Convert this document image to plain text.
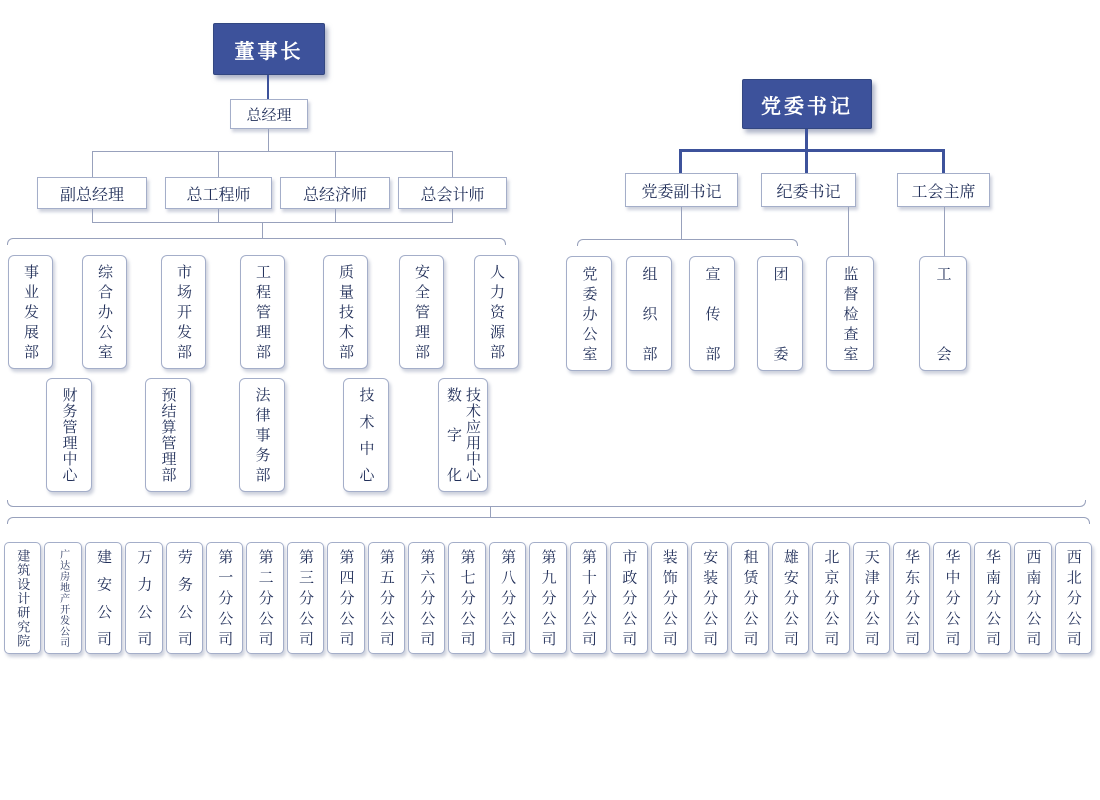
董事长
总经理
副总经理	总工程师	总经济师	总会计师
事业发展部	综合办公室	市场开发部	工程管理部	质量技术部	安全管理部	人力资源部
财务管理中心	预结算管理部	法律事务部	技术中心	技术应用中心数字化
党委书记
党委副书记	纪委书记	工会主席
党委办公室	组织部	宣传部	团委	监督检查室	工会
建筑设计研究院	广达房地产开发公司 建安公司 万力公司 劳务公司 第一分公司 第二分公司 第三分公司 第四分公司 第五分公司 第六分公司 第七分公司 第八分公司 第九分公司 第十分公司 市政分公司 装饰分公司 安装分公司 租赁分公司 雄安分公司 北京分公司 天津分公司 华东分公司 华中分公司 华南分公司 西南分公司 西北分公司
